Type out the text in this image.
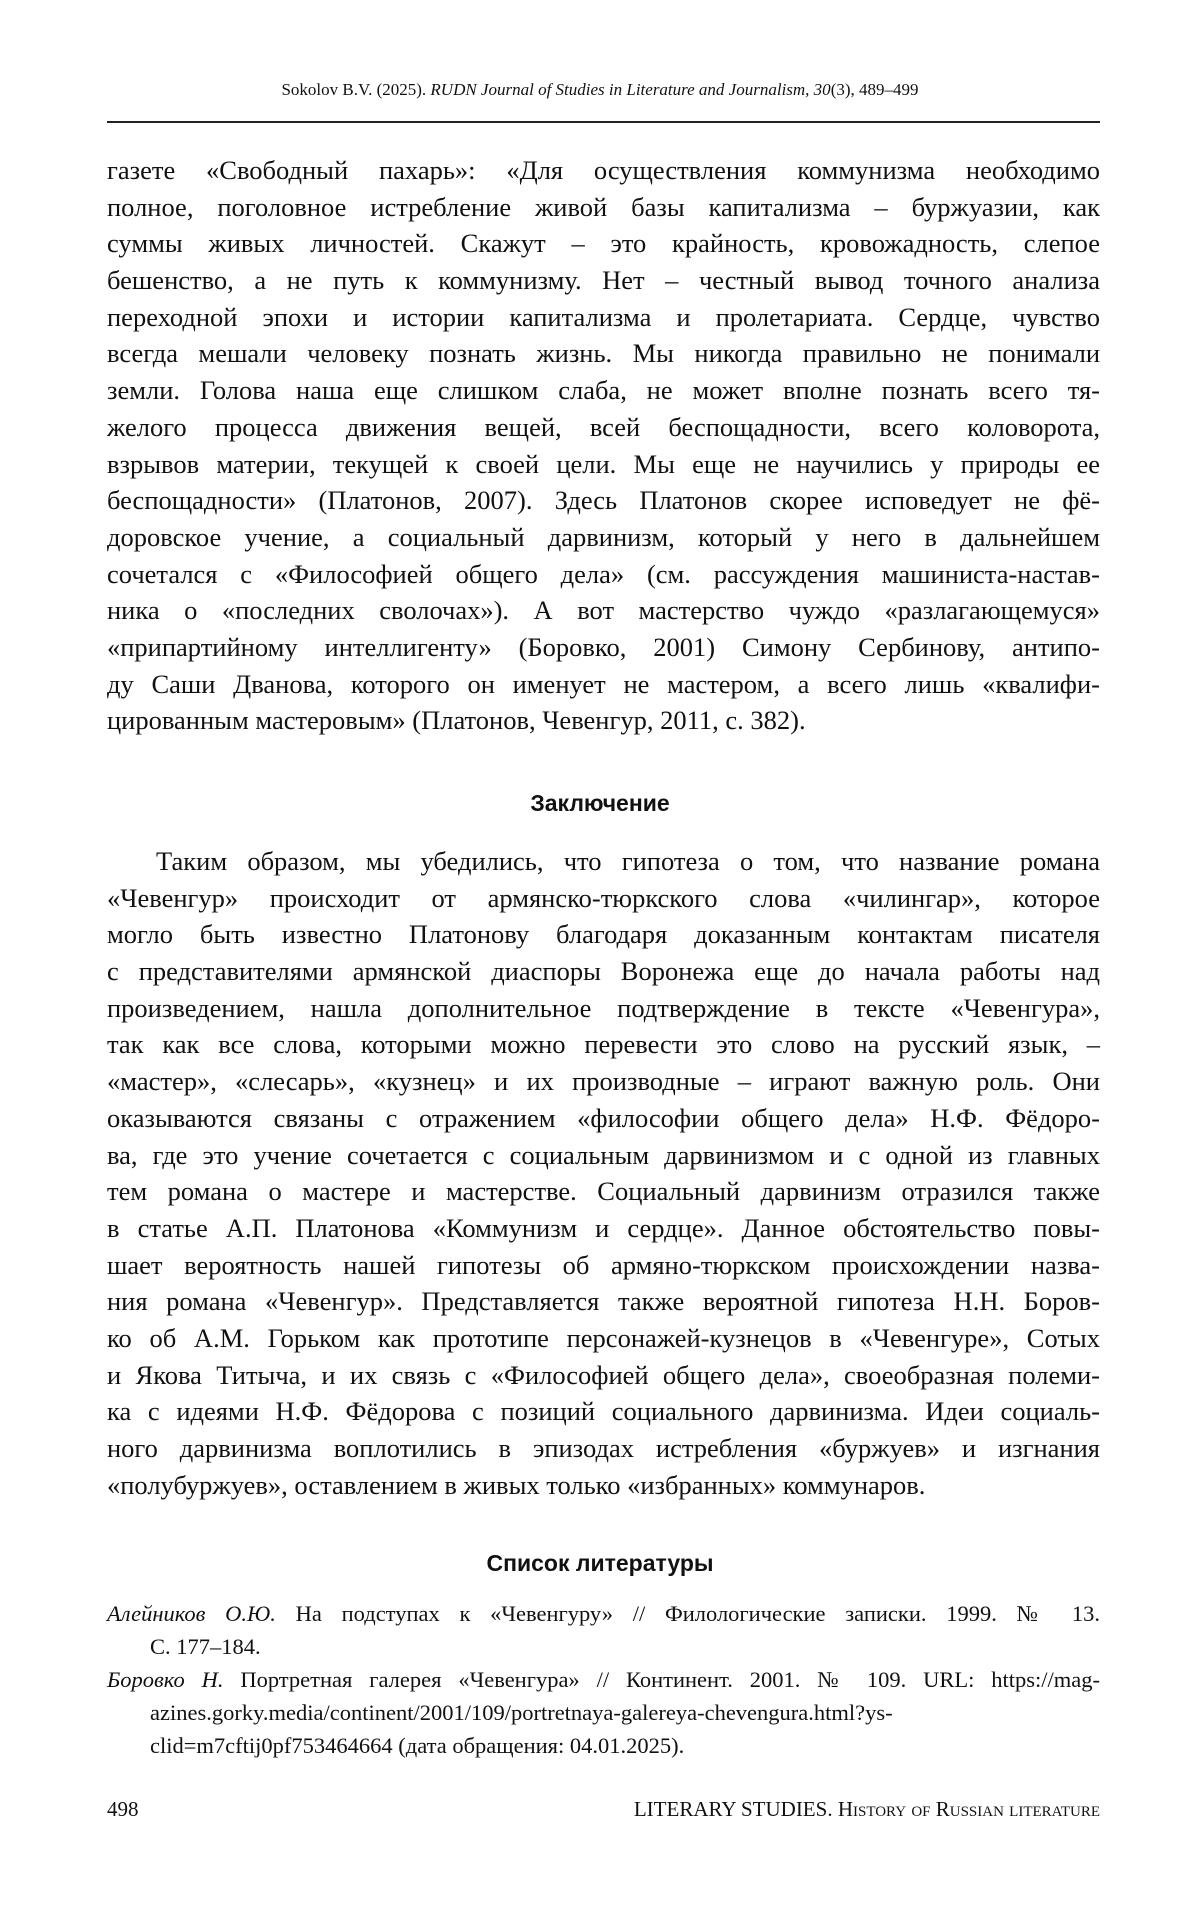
Sokolov B.V. (2025). RUDN Journal of Studies in Literature and Journalism, 30(3), 489–499
газете «Свободный пахарь»: «Для осуществления коммунизма необходимо
полное, поголовное истребление живой базы капитализма – буржуазии, как
суммы живых личностей. Скажут – это крайность, кровожадность, слепое
бешенство, а не путь к коммунизму. Нет – честный вывод точного анализа
переходной эпохи и истории капитализма и пролетариата. Сердце, чувство
всегда мешали человеку познать жизнь. Мы никогда правильно не понимали
земли. Голова наша еще слишком слаба, не может вполне познать всего тя-
желого процесса движения вещей, всей беспощадности, всего коловорота,
взрывов материи, текущей к своей цели. Мы еще не научились у природы ее
беспощадности» (Платонов, 2007). Здесь Платонов скорее исповедует не фё-
доровское учение, а социальный дарвинизм, который у него в дальнейшем
сочетался с «Философией общего дела» (см. рассуждения машиниста-настав-
ника о «последних сволочах»). А вот мастерство чуждо «разлагающемуся»
«припартийному интеллигенту» (Боровко, 2001) Симону Сербинову, антипо-
ду Саши Дванова, которого он именует не мастером, а всего лишь «квалифи-
цированным мастеровым» (Платонов, Чевенгур, 2011, с. 382).
Заключение
Таким образом, мы убедились, что гипотеза о том, что название романа
«Чевенгур» происходит от армянско-тюркского слова «чилингар», которое
могло быть известно Платонову благодаря доказанным контактам писателя
с представителями армянской диаспоры Воронежа еще до начала работы над
произведением, нашла дополнительное подтверждение в тексте «Чевенгура»,
так как все слова, которыми можно перевести это слово на русский язык, –
«мастер», «слесарь», «кузнец» и их производные – играют важную роль. Они
оказываются связаны с отражением «философии общего дела» Н.Ф. Фёдоро-
ва, где это учение сочетается с социальным дарвинизмом и с одной из главных
тем романа о мастере и мастерстве. Социальный дарвинизм отразился также
в статье А.П. Платонова «Коммунизм и сердце». Данное обстоятельство повы-
шает вероятность нашей гипотезы об армяно-тюркском происхождении назва-
ния романа «Чевенгур». Представляется также вероятной гипотеза Н.Н. Боров-
ко об А.М. Горьком как прототипе персонажей-кузнецов в «Чевенгуре», Сотых
и Якова Титыча, и их связь с «Философией общего дела», своеобразная полеми-
ка с идеями Н.Ф. Фёдорова с позиций социального дарвинизма. Идеи социаль-
ного дарвинизма воплотились в эпизодах истребления «буржуев» и изгнания
«полубуржуев», оставлением в живых только «избранных» коммунаров.
Список литературы
Алейников О.Ю. На подступах к «Чевенгуру» // Филологические записки. 1999. № 13.
С. 177–184.
Боровко Н. Портретная галерея «Чевенгура» // Континент. 2001. № 109. URL: https://mag-
azines.gorky.media/continent/2001/109/portretnaya-galereya-chevengura.html?ys-
clid=m7cftij0pf753464664 (дата обращения: 04.01.2025).
498	LITERARY STUDIES. History of Russian literature
